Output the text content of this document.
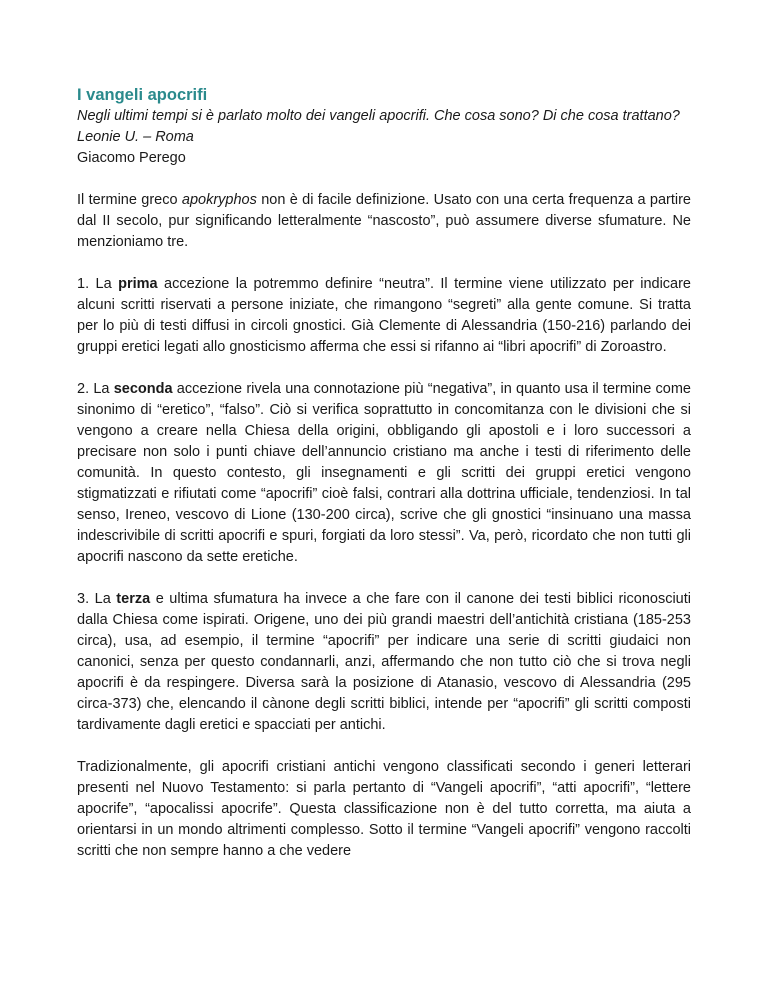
I vangeli apocrifi

Negli ultimi tempi si è parlato molto dei vangeli apocrifi. Che cosa sono? Di che cosa trattano? Leonie U. – Roma

Giacomo Perego

Il termine greco apokryphos non è di facile definizione. Usato con una certa frequenza a partire dal II secolo, pur significando letteralmente “nascosto”, può assumere diverse sfumature. Ne menzioniamo tre.

1. La prima accezione la potremmo definire “neutra”. Il termine viene utilizzato per indicare alcuni scritti riservati a persone iniziate, che rimangono “segreti” alla gente comune. Si tratta per lo più di testi diffusi in circoli gnostici. Già Clemente di Alessandria (150-216) parlando dei gruppi eretici legati allo gnosticismo afferma che essi si rifanno ai “libri apocrifi” di Zoroastro.

2. La seconda accezione rivela una connotazione più “negativa”, in quanto usa il termine come sinonimo di “eretico”, “falso”. Ciò si verifica soprattutto in concomitanza con le divisioni che si vengono a creare nella Chiesa della origini, obbligando gli apostoli e i loro successori a precisare non solo i punti chiave dell’annuncio cristiano ma anche i testi di riferimento delle comunità. In questo contesto, gli insegnamenti e gli scritti dei gruppi eretici vengono stigmatizzati e rifiutati come “apocrifi” cioè falsi, contrari alla dottrina ufficiale, tendenziosi. In tal senso, Ireneo, vescovo di Lione (130-200 circa), scrive che gli gnostici “insinuano una massa indescrivibile di scritti apocrifi e spuri, forgiati da loro stessi”. Va, però, ricordato che non tutti gli apocrifi nascono da sette eretiche.

3. La terza e ultima sfumatura ha invece a che fare con il canone dei testi biblici riconosciuti dalla Chiesa come ispirati. Origene, uno dei più grandi maestri dell’antichità cristiana (185-253 circa), usa, ad esempio, il termine “apocrifi” per indicare una serie di scritti giudaici non canonici, senza per questo condannarli, anzi, affermando che non tutto ciò che si trova negli apocrifi è da respingere. Diversa sarà la posizione di Atanasio, vescovo di Alessandria (295 circa-373) che, elencando il cànone degli scritti biblici, intende per “apocrifi” gli scritti composti tardivamente dagli eretici e spacciati per antichi.

Tradizionalmente, gli apocrifi cristiani antichi vengono classificati secondo i generi letterari presenti nel Nuovo Testamento: si parla pertanto di “Vangeli apocrifi”, “atti apocrifi”, “lettere apocrife”, “apocalissi apocrife”. Questa classificazione non è del tutto corretta, ma aiuta a orientarsi in un mondo altrimenti complesso. Sotto il termine “Vangeli apocrifi” vengono raccolti scritti che non sempre hanno a che vedere
